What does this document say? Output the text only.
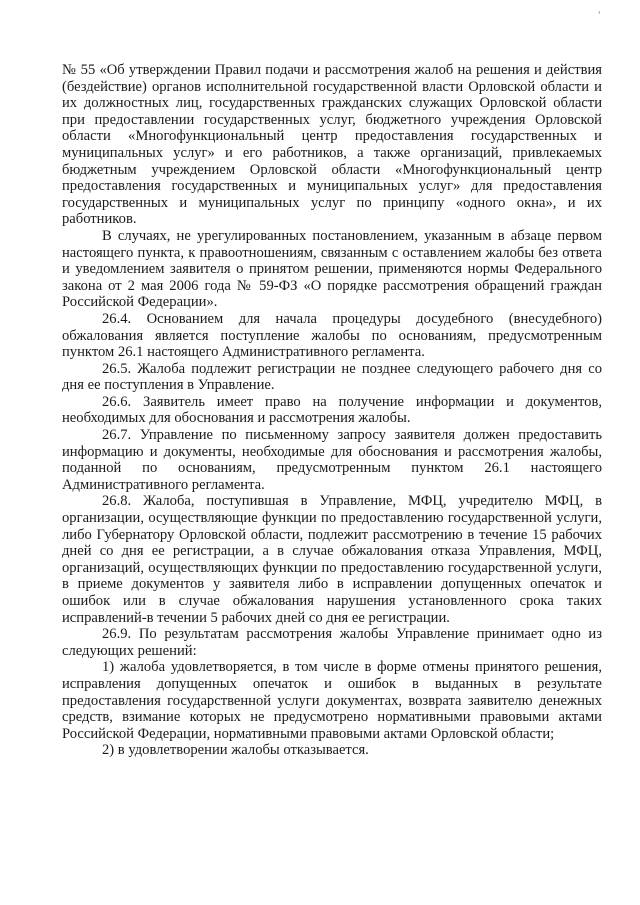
'

№ 55 «Об утверждении Правил подачи и рассмотрения жалоб на решения и действия (бездействие) органов исполнительной государственной власти Орловской области и их должностных лиц, государственных гражданских служащих Орловской области при предоставлении государственных услуг, бюджетного учреждения Орловской области «Многофункциональный центр предоставления государственных и муниципальных услуг» и его работников, а также организаций, привлекаемых бюджетным учреждением Орловской области «Многофункциональный центр предоставления государственных и муниципальных услуг» для предоставления государственных и муниципальных услуг по принципу «одного окна», и их работников.

В случаях, не урегулированных постановлением, указанным в абзаце первом настоящего пункта, к правоотношениям, связанным с оставлением жалобы без ответа и уведомлением заявителя о принятом решении, применяются нормы Федерального закона от 2 мая 2006 года № 59-ФЗ «О порядке рассмотрения обращений граждан Российской Федерации».

26.4. Основанием для начала процедуры досудебного (внесудебного) обжалования является поступление жалобы по основаниям, предусмотренным пунктом 26.1 настоящего Административного регламента.

26.5. Жалоба подлежит регистрации не позднее следующего рабочего дня со дня ее поступления в Управление.

26.6. Заявитель имеет право на получение информации и документов, необходимых для обоснования и рассмотрения жалобы.

26.7. Управление по письменному запросу заявителя должен предоставить информацию и документы, необходимые для обоснования и рассмотрения жалобы, поданной по основаниям, предусмотренным пунктом 26.1 настоящего Административного регламента.

26.8. Жалоба, поступившая в Управление, МФЦ, учредителю МФЦ, в организации, осуществляющие функции по предоставлению государственной услуги, либо Губернатору Орловской области, подлежит рассмотрению в течение 15 рабочих дней со дня ее регистрации, а в случае обжалования отказа Управления, МФЦ, организаций, осуществляющих функции по предоставлению государственной услуги, в приеме документов у заявителя либо в исправлении допущенных опечаток и ошибок или в случае обжалования нарушения установленного срока таких исправлений-в течении 5 рабочих дней со дня ее регистрации.

26.9. По результатам рассмотрения жалобы Управление принимает одно из следующих решений:

1) жалоба удовлетворяется, в том числе в форме отмены принятого решения, исправления допущенных опечаток и ошибок в выданных в результате предоставления государственной услуги документах, возврата заявителю денежных средств, взимание которых не предусмотрено нормативными правовыми актами Российской Федерации, нормативными правовыми актами Орловской области;

2) в удовлетворении жалобы отказывается.
